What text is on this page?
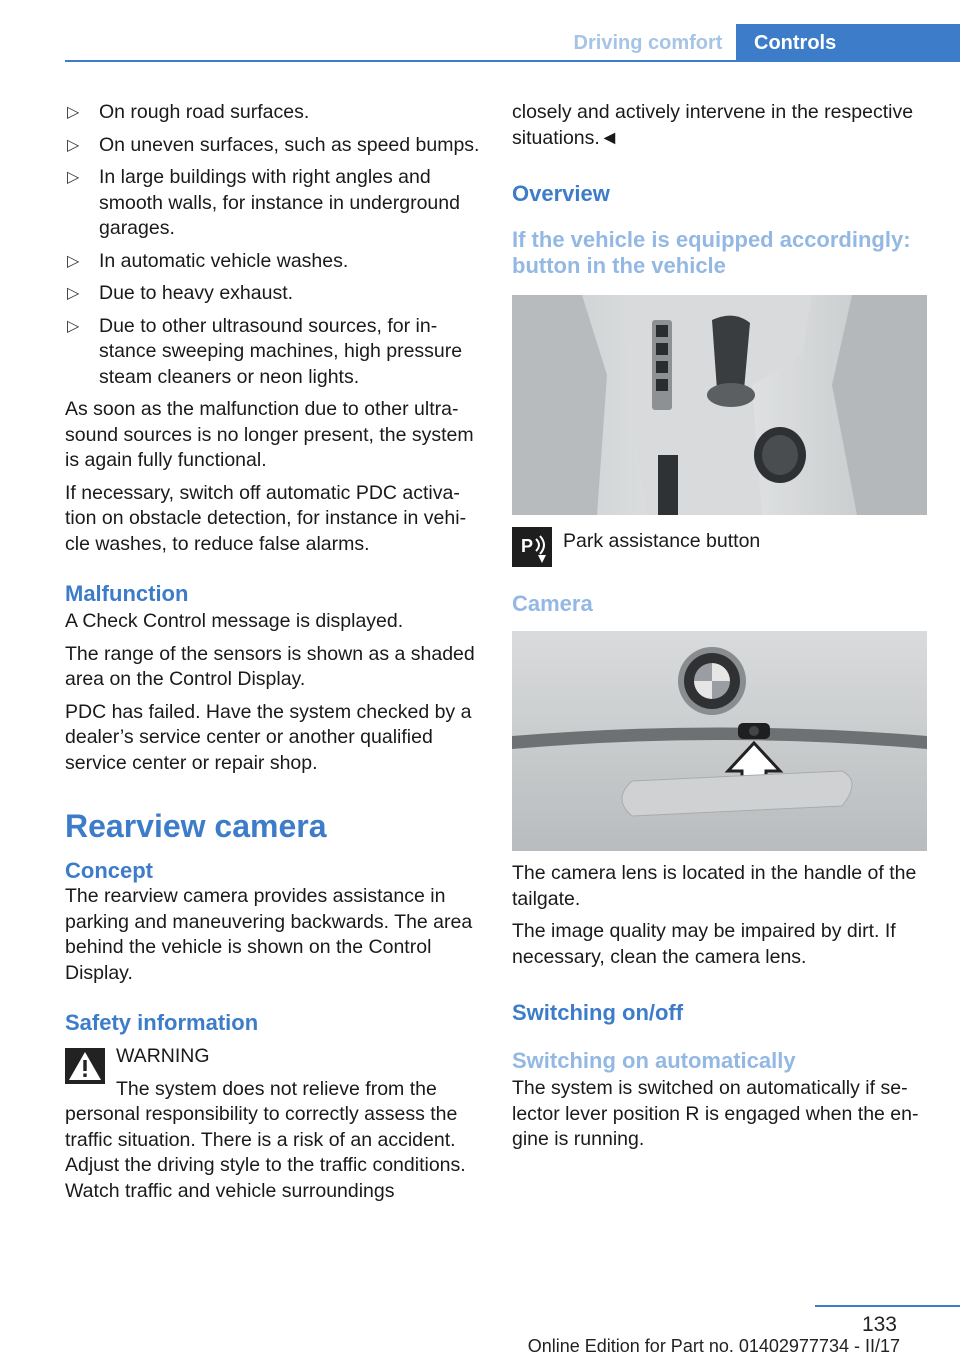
Driving comfort	Controls
▷ On rough road surfaces.
▷ On uneven surfaces, such as speed bumps.
▷ In large buildings with right angles and smooth walls, for instance in underground garages.
▷ In automatic vehicle washes.
▷ Due to heavy exhaust.
▷ Due to other ultrasound sources, for instance sweeping machines, high pressure steam cleaners or neon lights.

As soon as the malfunction due to other ultrasound sources is no longer present, the system is again fully functional.

If necessary, switch off automatic PDC activation on obstacle detection, for instance in vehicle washes, to reduce false alarms.

Malfunction

A Check Control message is displayed.

The range of the sensors is shown as a shaded area on the Control Display.

PDC has failed. Have the system checked by a dealer’s service center or another qualified service center or repair shop.

Rearview camera
Concept

The rearview camera provides assistance in parking and maneuvering backwards. The area behind the vehicle is shown on the Control Display.

Safety information
WARNING

The system does not relieve from the personal responsibility to correctly assess the traffic situation. There is a risk of an accident. Adjust the driving style to the traffic conditions. Watch traffic and vehicle surroundings

closely and actively intervene in the respective situations.◄

Overview
If the vehicle is equipped accordingly: button in the vehicle
P Park assistance button
Camera

The camera lens is located in the handle of the tailgate.

The image quality may be impaired by dirt. If necessary, clean the camera lens.

Switching on/off
Switching on automatically

The system is switched on automatically if selector lever position R is engaged when the engine is running.

133
Online Edition for Part no. 01402977734 - II/17
